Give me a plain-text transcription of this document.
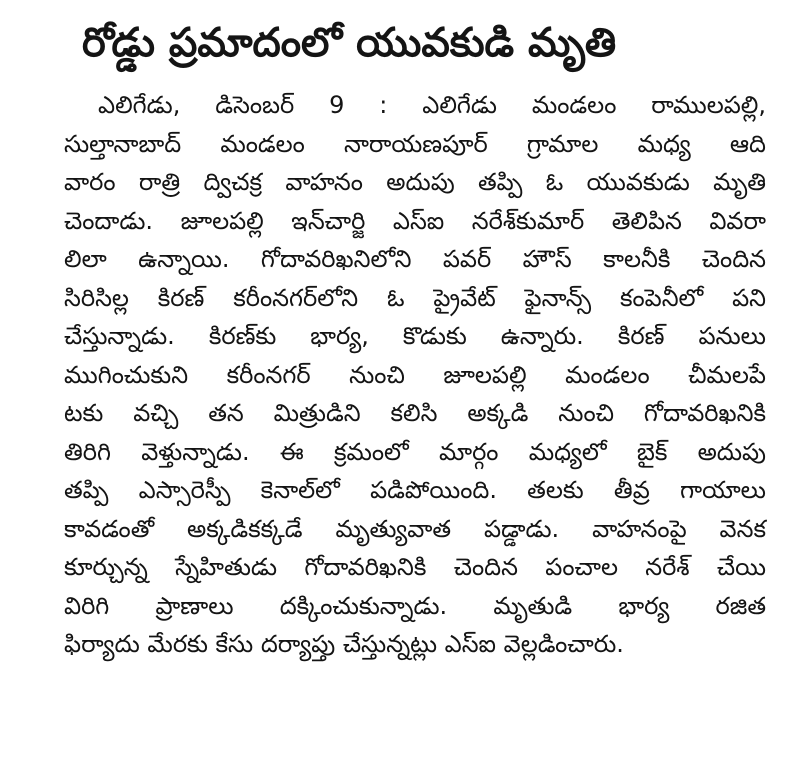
రోడ్డు ప్రమాదంలో యువకుడి మృతి
ఎలిగేడు, డిసెంబర్ 9 : ఎలిగేడు మండలం రాములపల్లి,
సుల్తానాబాద్ మండలం నారాయణపూర్ గ్రామాల మధ్య ఆది
వారం రాత్రి ద్విచక్ర వాహనం అదుపు తప్పి ఓ యువకుడు మృతి
చెందాడు. జూలపల్లి ఇన్‌చార్జి ఎస్ఐ నరేశ్‌కుమార్ తెలిపిన వివరా
లిలా ఉన్నాయి. గోదావరిఖనిలోని పవర్ హౌస్ కాలనీకి చెందిన
సిరిసిల్ల కిరణ్ కరీంనగర్‌లోని ఓ ప్రైవేట్ ఫైనాన్స్ కంపెనీలో పని
చేస్తున్నాడు. కిరణ్‌కు భార్య, కొడుకు ఉన్నారు. కిరణ్ పనులు
ముగించుకుని కరీంనగర్ నుంచి జూలపల్లి మండలం చీమలపే
టకు వచ్చి తన మిత్రుడిని కలిసి అక్కడి నుంచి గోదావరిఖనికి
తిరిగి వెళ్తున్నాడు. ఈ క్రమంలో మార్గం మధ్యలో బైక్ అదుపు
తప్పి ఎస్సారెస్పీ కెనాల్‌లో పడిపోయింది. తలకు తీవ్ర గాయాలు
కావడంతో అక్కడికక్కడే మృత్యువాత పడ్డాడు. వాహనంపై వెనక
కూర్చున్న స్నేహితుడు గోదావరిఖనికి చెందిన పంచాల నరేశ్ చేయి
విరిగి ప్రాణాలు దక్కించుకున్నాడు. మృతుడి భార్య రజిత
ఫిర్యాదు మేరకు కేసు దర్యాప్తు చేస్తున్నట్లు ఎస్ఐ వెల్లడించారు.
